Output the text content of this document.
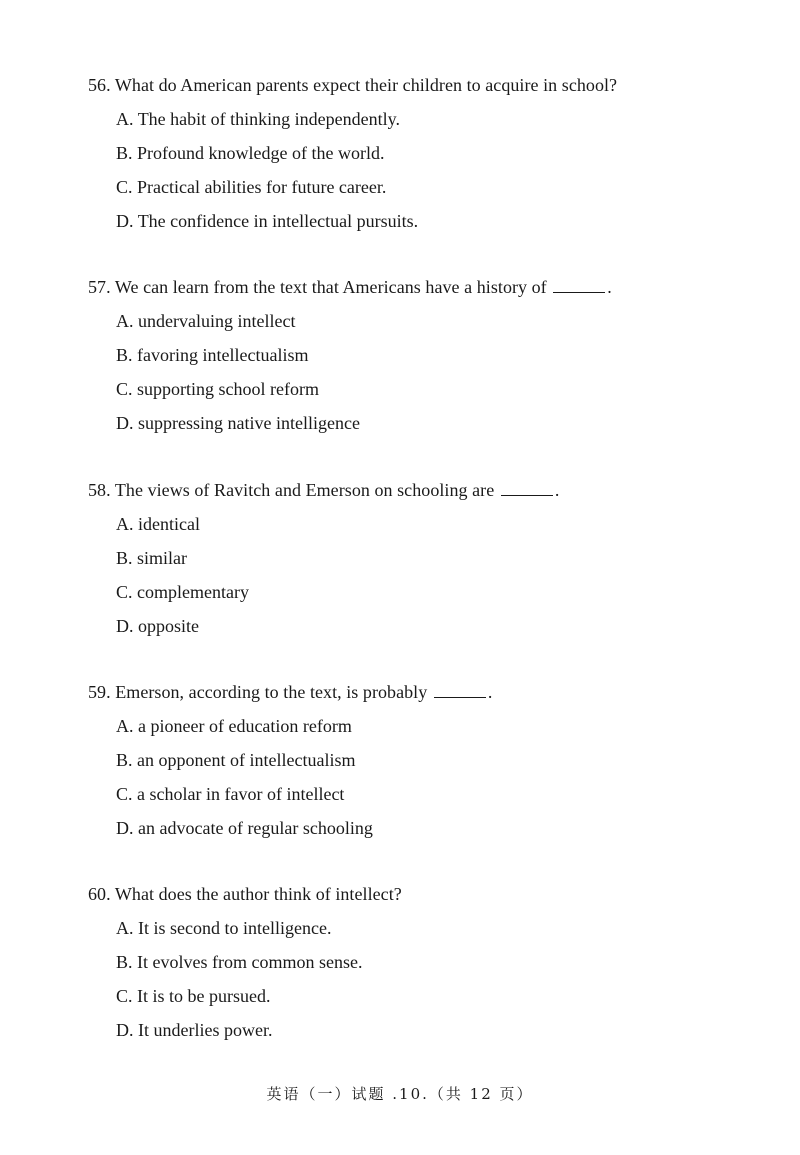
56. What do American parents expect their children to acquire in school?
A. The habit of thinking independently.
B. Profound knowledge of the world.
C. Practical abilities for future career.
D. The confidence in intellectual pursuits.
57. We can learn from the text that Americans have a history of	.
A. undervaluing intellect
B. favoring intellectualism
C. supporting school reform
D. suppressing native intelligence
58. The views of Ravitch and Emerson on schooling are	.
A. identical
B. similar
C. complementary
D. opposite
59. Emerson, according to the text, is probably	.
A. a pioneer of education reform
B. an opponent of intellectualism
C. a scholar in favor of intellect
D. an advocate of regular schooling
60. What does the author think of intellect?
A. It is second to intelligence.
B. It evolves from common sense.
C. It is to be pursued.
D. It underlies power.
英语（一）试题 .10.（共 12 页）
